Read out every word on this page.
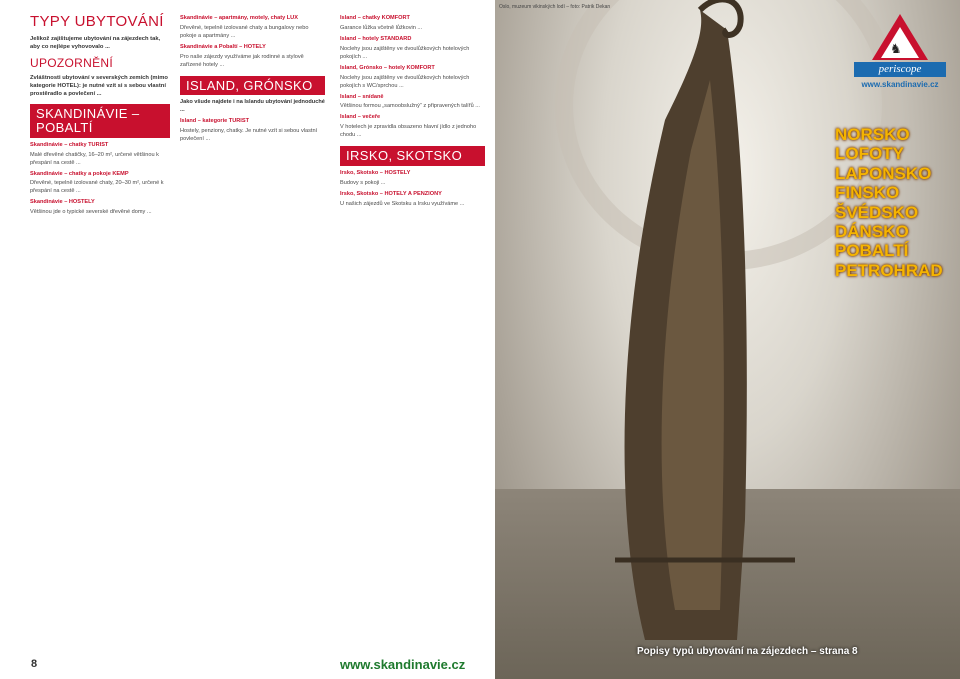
TYPY UBYTOVÁNÍ

Jelikož zajištujeme ubytování na zájezdech tak, aby co nejlépe vyhovovalo ...

UPOZORNĚNÍ

Zvláštnosti ubytování v severských zemích (mimo kategorie HOTEL): je nutné vzít si s sebou vlastní prostěradlo a povlečení ...

SKANDINÁVIE – POBALTÍ

Skandinávie – chatky TURIST

Malé dřevěné chatičky, 16–20 m², určené většinou k přespání na cestě ...

Skandinávie – chatky a pokoje KEMP

Dřevěné, tepelně izolované chaty, 20–30 m², určené k přespání na cestě ...

Skandinávie – HOSTELY

Většinou jde o typické severské dřevěné domy ...

8

Skandinávie – apartmány, motely, chaty LUX

Dřevěné, tepelně izolované chaty a bungalovy nebo pokoje a apartmány ...

Skandinávie a Pobaltí – HOTELY

Pro naše zájezdy využíváme jak rodinné a stylově zařízené hotely ...

ISLAND, GRÓNSKO

Jako všude najdete i na Islandu ubytování jednoduché ...

Island – kategorie TURIST

Hostely, penziony, chatky. Je nutné vzít si sebou vlastní povlečení ...

Island – chatky KOMFORT

Garance lůžka včetně lůžkovin ...

Island – hotely STANDARD

Noclehy jsou zajištěny ve dvoulůžkových hotelových pokojích ...

Island, Grónsko – hotely KOMFORT

Noclehy jsou zajištěny ve dvoulůžkových hotelových pokojích s WC/sprchou ...

Island – snídaně

Většinou formou „samoobslužný“ z připravených talířů ...

Island – večeře

V hotelech je zpravidla obsazeno hlavní jídlo z jednoho chodu ...

IRSKO, SKOTSKO

Irsko, Skotsko – HOSTELY

Budovy s pokoji ...

Irsko, Skotsko – HOTELY A PENZIONY

U našich zájezdů ve Skotsku a Irsku využíváme ...

www.skandinavie.cz
Oslo, muzeum vikinských lodí – foto: Patrik Dekan
♞
periscope
www.skandinavie.cz
NORSKO
LOFOTY
LAPONSKO
FINSKO
ŠVÉDSKO
DÁNSKO
POBALTÍ
PETROHRAD
Popisy typů ubytování na zájezdech – strana 8
